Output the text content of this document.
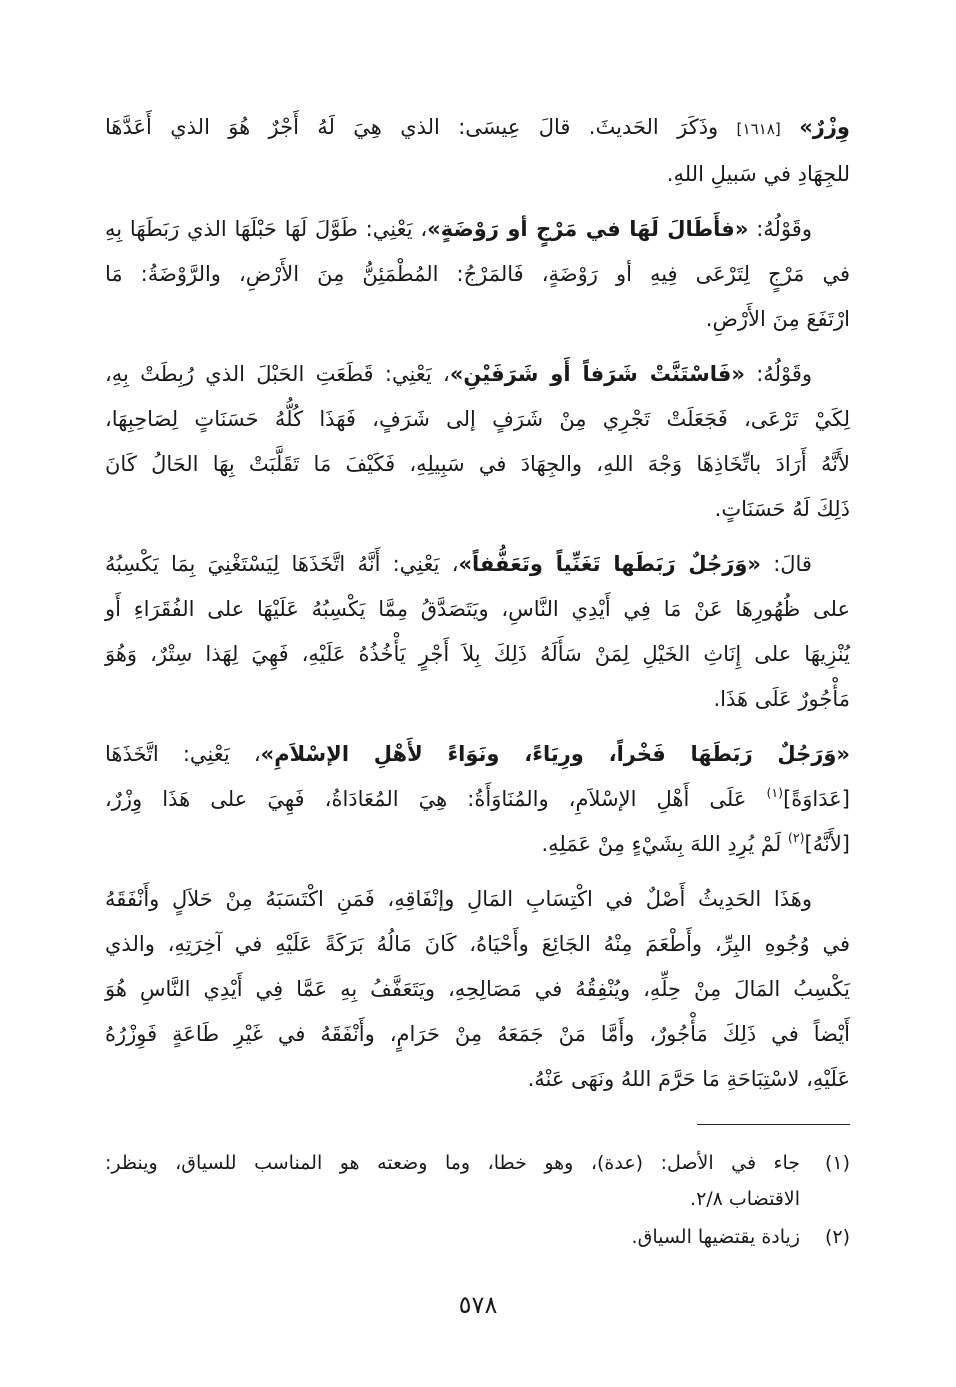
وِزْرٌ» [١٦١٨] وذَكَرَ الحَديثَ. قالَ عِيسَى: الذي هِيَ لَهُ أَجْرٌ هُوَ الذي أَعَدَّهَا
للجِهَادِ في سَبيلِ اللهِ.
وقَوْلُهُ: «فأَطَالَ لَهَا في مَرْجٍ أو رَوْضَةٍ»، يَعْنِي: طَوَّلَ لَهَا حَبْلَهَا الذي رَبَطَهَا بِهِ
في مَرْجٍ لِتَرْعَى فِيهِ أو رَوْضَةٍ، فَالمَرْجُ: المُطْمَئِنُّ مِنَ الأَرْضِ، والرَّوْضَةُ: مَا
ارْتَفَعَ مِنَ الأَرْضِ.
وقَوْلُهُ: «فَاسْتَنَّتْ شَرَفاً أَو شَرَفَيْنِ»، يَعْنِي: قَطَعَتِ الحَبْلَ الذي رُبِطَتْ بِهِ،
لِكَيْ تَرْعَى، فَجَعَلَتْ تَجْرِي مِنْ شَرَفٍ إلى شَرَفٍ، فَهَذَا كُلُّهُ حَسَنَاتٍ لِصَاحِبِهَا،
لأَنَّهُ أَرَادَ باتِّخَاذِهَا وَجْهَ اللهِ، والجِهَادَ في سَبِيلِهِ، فَكَيْفَ مَا تَقَلَّبَتْ بِهَا الحَالُ كَانَ
ذَلِكَ لَهُ حَسَنَاتٍ.
قالَ: «وَرَجُلٌ رَبَطَها تَغَنِّياً وتَعَفُّفاً»، يَعْنِي: أَنَّهُ اتَّخَذَهَا لِيَسْتَغْنِيَ بِمَا يَكْسِبُهُ
على ظُهُورِهَا عَنْ مَا فِي أَيْدِي النَّاسِ، ويَتَصَدَّقُ مِمَّا يَكْسِبُهُ عَلَيْهَا على الفُقَرَاءِ أَو
يُنْزِيهَا على إِنَاثِ الخَيْلِ لِمَنْ سَأَلَهُ ذَلِكَ بِلاَ أَجْرٍ يَأْخُذُهُ عَلَيْهِ، فَهِيَ لِهَذا سِتْرٌ، وَهُوَ
مَأْجُورٌ عَلَى هَذَا.
«وَرَجُلٌ رَبَطَهَا فَخْراً، ورِيَاءً، ونَوَاءً لأَهْلِ الإسْلاَمِ»، يَعْنِي: اتَّخَذَهَا
[عَدَاوَةً]$^{(١)}$ عَلَى أَهْلِ الإسْلاَمِ، والمُنَاوَأَةُ: هِيَ المُعَادَاةُ، فَهِيَ على هَذَا وِزْرٌ،
[لأَنَّهُ]$^{(٢)}$ لَمْ يُرِدِ اللهَ بِشَيْءٍ مِنْ عَمَلِهِ.
وهَذَا الحَدِيثُ أَصْلٌ في اكْتِسَابِ المَالِ وإنْفَاقِهِ، فَمَنِ اكْتَسَبَهُ مِنْ حَلاَلٍ وأَنْفَقَهُ
في وُجُوهِ البِرِّ، وأَطْعَمَ مِنْهُ الجَائِعَ وأَحْيَاهُ، كَانَ مَالُهُ بَرَكَةً عَلَيْهِ في آخِرَتِهِ، والذي
يَكْسِبُ المَالَ مِنْ حِلِّهِ، ويُنْفِقُهُ في مَصَالِحِهِ، ويَتَعَفَّفُ بِهِ عَمَّا فِي أَيْدِي النَّاسِ هُوَ
أَيْضاً في ذَلِكَ مَأْجُورٌ، وأَمَّا مَنْ جَمَعَهُ مِنْ حَرَامٍ، وأَنْفَقَهُ في غَيْرِ طَاعَةٍ فَوِزْرُهُ
عَلَيْهِ، لاسْتِبَاحَةِ مَا حَرَّمَ اللهُ ونَهَى عَنْهُ.
(١)
جاء في الأصل: (عدة)، وهو خطا، وما وضعته هو المناسب للسياق، وينظر:
الاقتضاب ٢/٨.
(٢)
زيادة يقتضيها السياق.
٥٧٨
